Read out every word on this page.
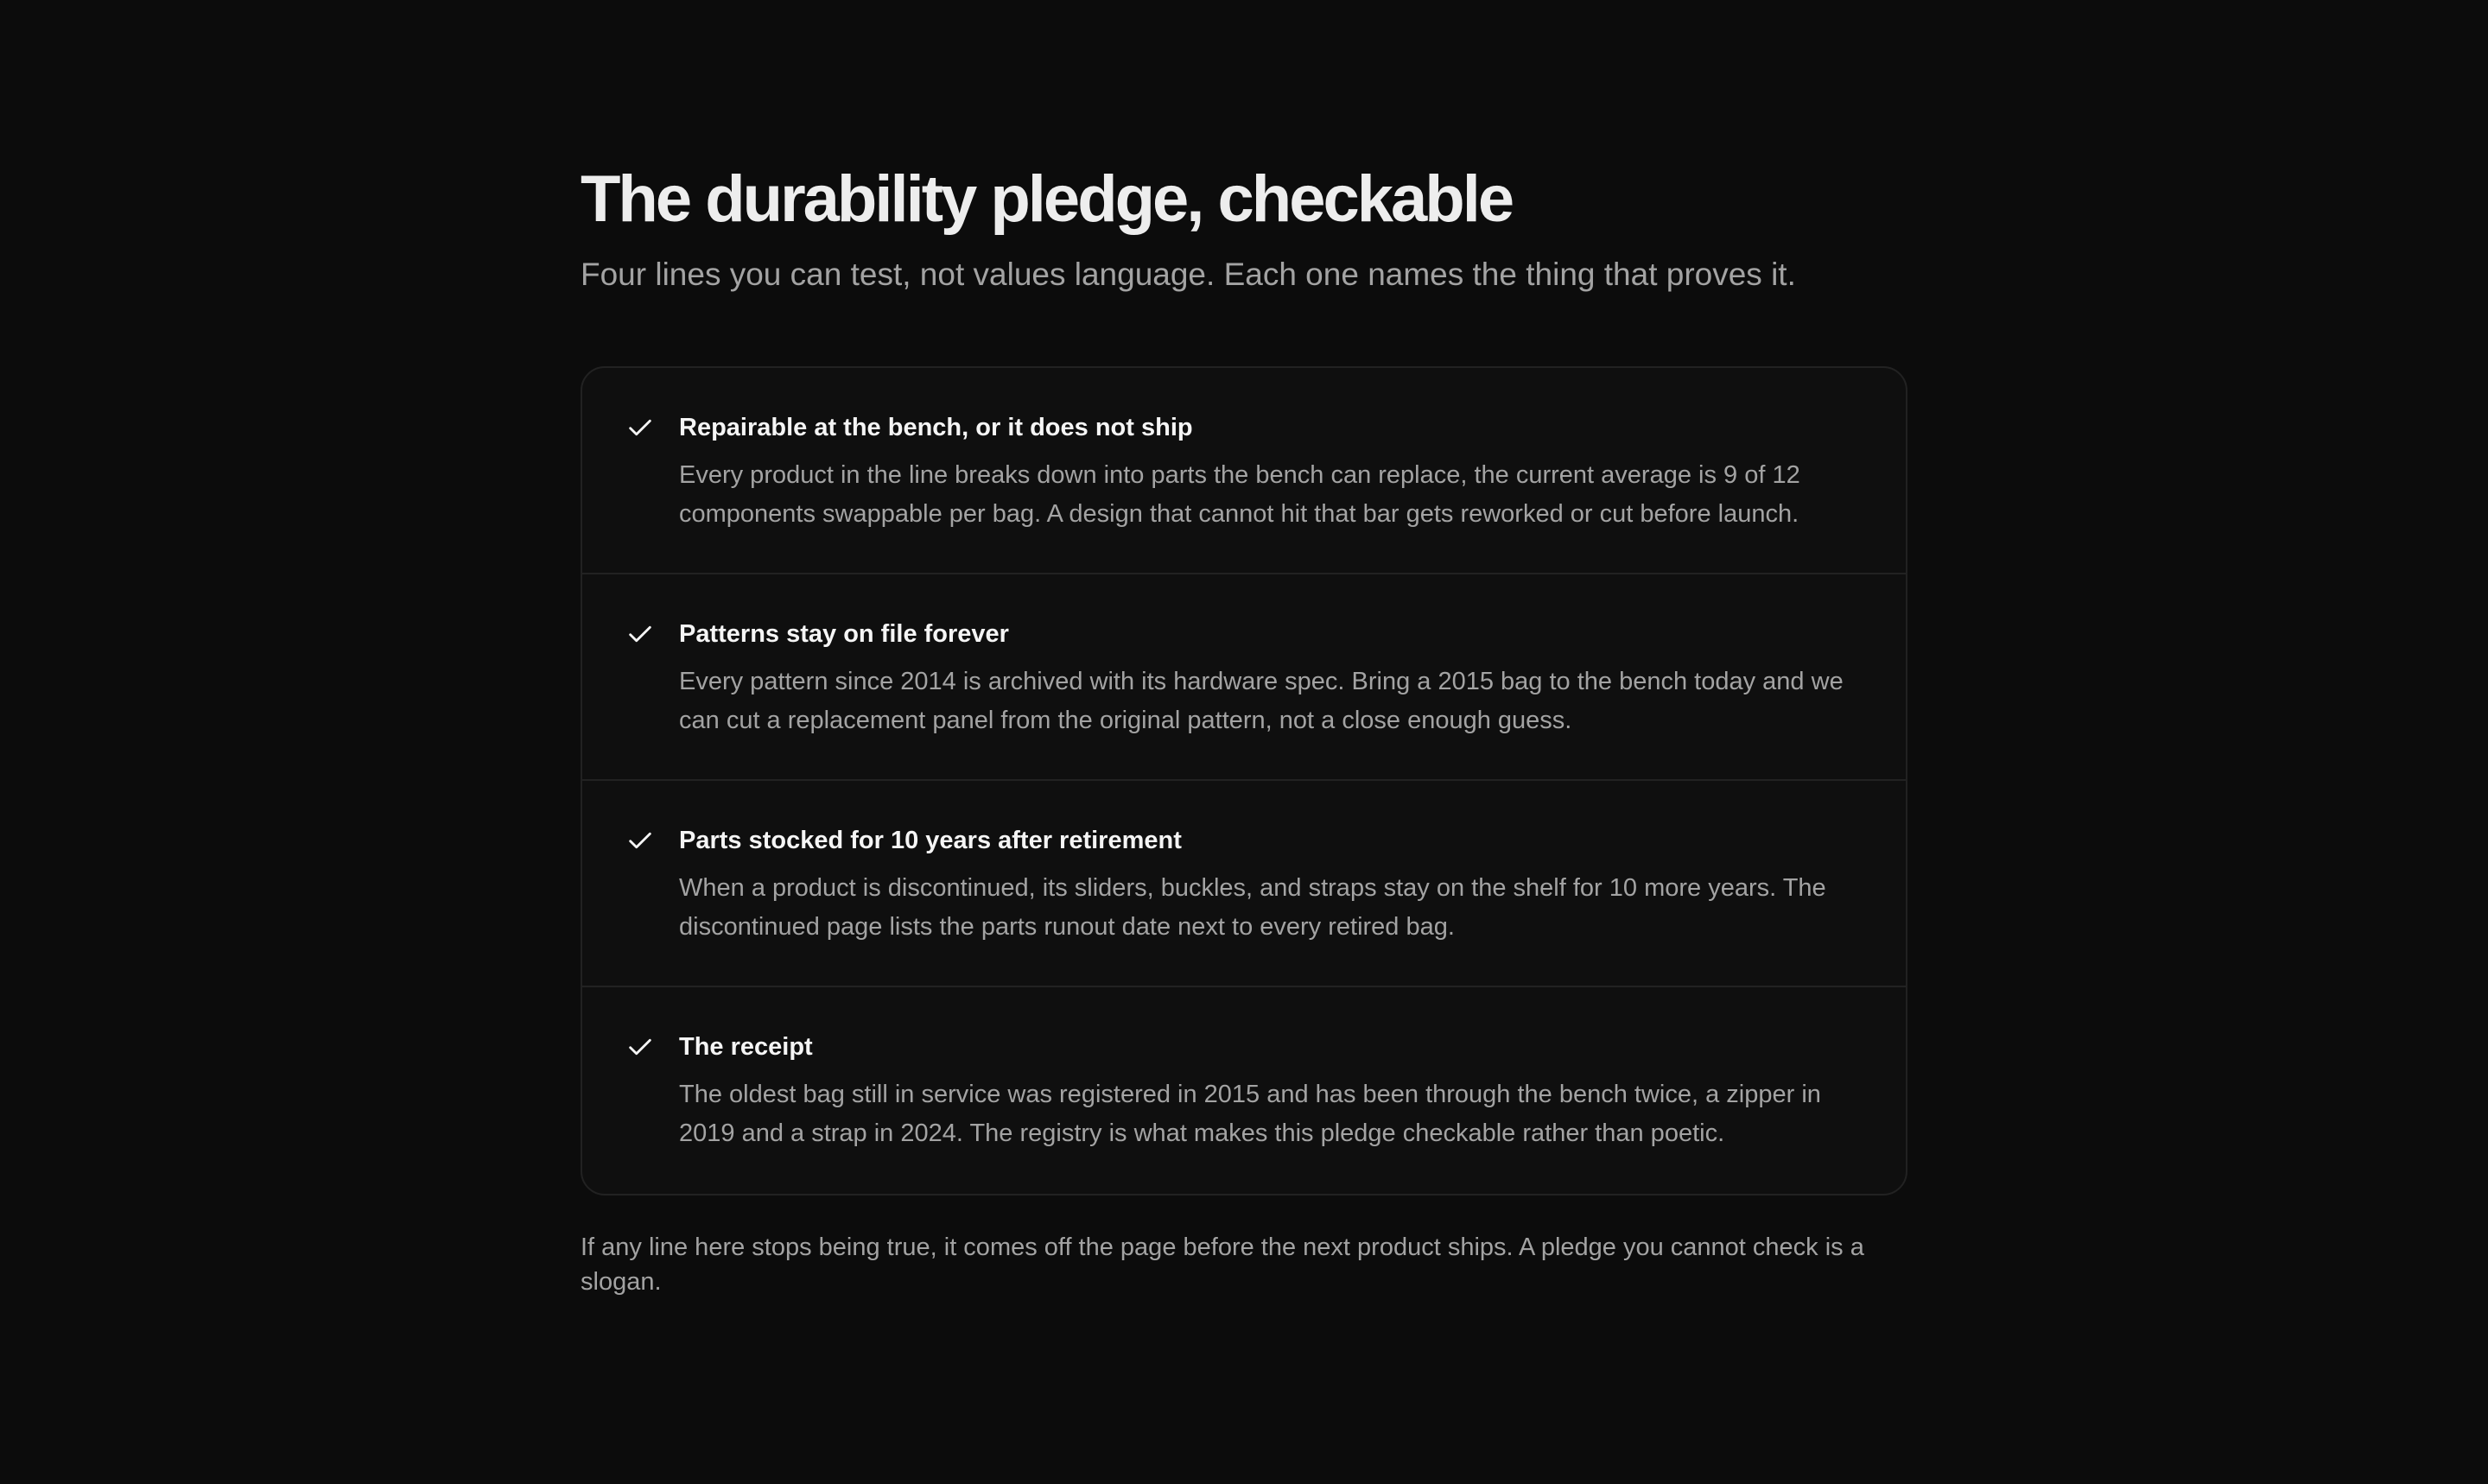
The durability pledge, checkable

Four lines you can test, not values language. Each one names the thing that proves it.

Repairable at the bench, or it does not ship
Every product in the line breaks down into parts the bench can replace, the current average is 9 of 12 components swappable per bag. A design that cannot hit that bar gets reworked or cut before launch.
Patterns stay on file forever
Every pattern since 2014 is archived with its hardware spec. Bring a 2015 bag to the bench today and we can cut a replacement panel from the original pattern, not a close enough guess.
Parts stocked for 10 years after retirement
When a product is discontinued, its sliders, buckles, and straps stay on the shelf for 10 more years. The discontinued page lists the parts runout date next to every retired bag.
The receipt
The oldest bag still in service was registered in 2015 and has been through the bench twice, a zipper in 2019 and a strap in 2024. The registry is what makes this pledge checkable rather than poetic.

If any line here stops being true, it comes off the page before the next product ships. A pledge you cannot check is a slogan.
